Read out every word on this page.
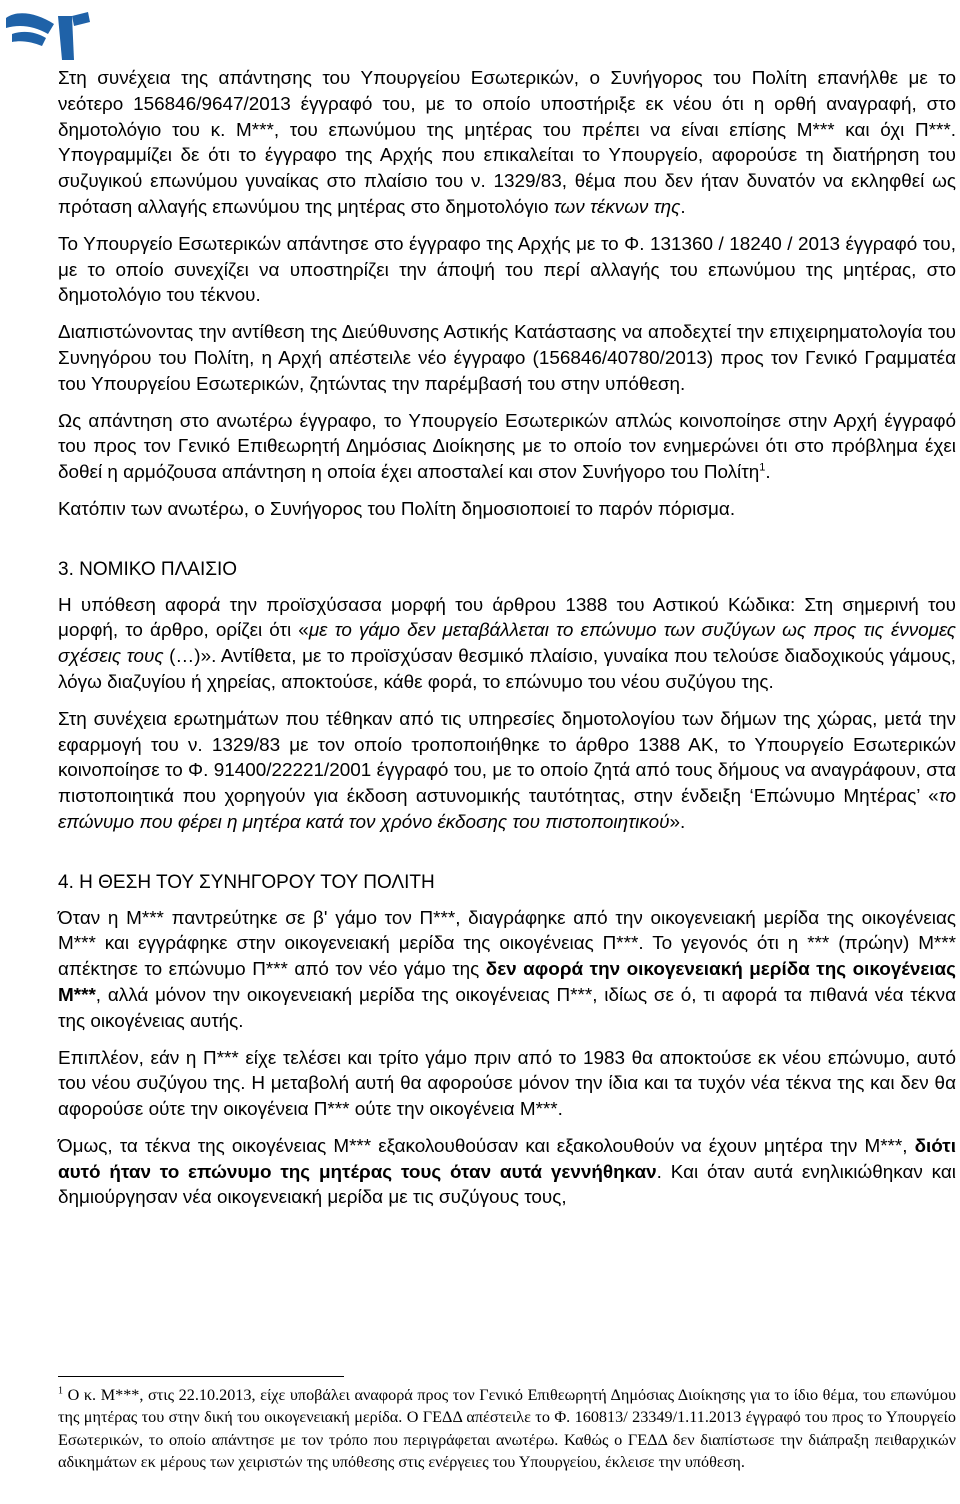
Στη συνέχεια της απάντησης του Υπουργείου Εσωτερικών, ο Συνήγορος του Πολίτη επανήλθε με το νεότερο 156846/9647/2013 έγγραφό του, με το οποίο υποστήριξε εκ νέου ότι η ορθή αναγραφή, στο δημοτολόγιο του κ. Μ***, του επωνύμου της μητέρας του πρέπει να είναι επίσης Μ*** και όχι Π***. Υπογραμμίζει δε ότι το έγγραφο της Αρχής που επικαλείται το Υπουργείο, αφορούσε τη διατήρηση του συζυγικού επωνύμου γυναίκας στο πλαίσιο του ν. 1329/83, θέμα που δεν ήταν δυνατόν να εκληφθεί ως πρόταση αλλαγής επωνύμου της μητέρας στο δημοτολόγιο των τέκνων της.

Το Υπουργείο Εσωτερικών απάντησε στο έγγραφο της Αρχής με το Φ. 131360 / 18240 / 2013 έγγραφό του, με το οποίο συνεχίζει να υποστηρίζει την άποψή του περί αλλαγής του επωνύμου της μητέρας, στο δημοτολόγιο του τέκνου.

Διαπιστώνοντας την αντίθεση της Διεύθυνσης Αστικής Κατάστασης να αποδεχτεί την επιχειρηματολογία του Συνηγόρου του Πολίτη, η Αρχή απέστειλε νέο έγγραφο (156846/40780/2013) προς τον Γενικό Γραμματέα του Υπουργείου Εσωτερικών, ζητώντας την παρέμβασή του στην υπόθεση.

Ως απάντηση στο ανωτέρω έγγραφο, το Υπουργείο Εσωτερικών απλώς κοινοποίησε στην Αρχή έγγραφό του προς τον Γενικό Επιθεωρητή Δημόσιας Διοίκησης με το οποίο τον ενημερώνει ότι στο πρόβλημα έχει δοθεί η αρμόζουσα απάντηση η οποία έχει αποσταλεί και στον Συνήγορο του Πολίτη$^1$.

Κατόπιν των ανωτέρω, ο Συνήγορος του Πολίτη δημοσιοποιεί το παρόν πόρισμα.

3. ΝΟΜΙΚΟ ΠΛΑΙΣΙΟ

Η υπόθεση αφορά την προϊσχύσασα μορφή του άρθρου 1388 του Αστικού Κώδικα: Στη σημερινή του μορφή, το άρθρο, ορίζει ότι «με το γάμο δεν μεταβάλλεται το επώνυμο των συζύγων ως προς τις έννομες σχέσεις τους (…)». Αντίθετα, με το προϊσχύσαν θεσμικό πλαίσιο, γυναίκα που τελούσε διαδοχικούς γάμους, λόγω διαζυγίου ή χηρείας, αποκτούσε, κάθε φορά, το επώνυμο του νέου συζύγου της.

Στη συνέχεια ερωτημάτων που τέθηκαν από τις υπηρεσίες δημοτολογίου των δήμων της χώρας, μετά την εφαρμογή του ν. 1329/83 με τον οποίο τροποποιήθηκε το άρθρο 1388 ΑΚ, το Υπουργείο Εσωτερικών κοινοποίησε το Φ. 91400/22221/2001 έγγραφό του, με το οποίο ζητά από τους δήμους να αναγράφουν, στα πιστοποιητικά που χορηγούν για έκδοση αστυνομικής ταυτότητας, στην ένδειξη ‘Επώνυμο Μητέρας’ «το επώνυμο που φέρει η μητέρα κατά τον χρόνο έκδοσης του πιστοποιητικού».

4. Η ΘΕΣΗ ΤΟΥ ΣΥΝΗΓΟΡΟΥ ΤΟΥ ΠΟΛΙΤΗ

Όταν η Μ*** παντρεύτηκε σε β' γάμο τον Π***, διαγράφηκε από την οικογενειακή μερίδα της οικογένειας Μ*** και εγγράφηκε στην οικογενειακή μερίδα της οικογένειας Π***. Το γεγονός ότι η *** (πρώην) Μ*** απέκτησε το επώνυμο Π*** από τον νέο γάμο της δεν αφορά την οικογενειακή μερίδα της οικογένειας Μ***, αλλά μόνον την οικογενειακή μερίδα της οικογένειας Π***, ιδίως σε ό, τι αφορά τα πιθανά νέα τέκνα της οικογένειας αυτής.

Επιπλέον, εάν η Π*** είχε τελέσει και τρίτο γάμο πριν από το 1983 θα αποκτούσε εκ νέου επώνυμο, αυτό του νέου συζύγου της. Η μεταβολή αυτή θα αφορούσε μόνον την ίδια και τα τυχόν νέα τέκνα της και δεν θα αφορούσε ούτε την οικογένεια Π*** ούτε την οικογένεια Μ***.

Όμως, τα τέκνα της οικογένειας Μ*** εξακολουθούσαν και εξακολουθούν να έχουν μητέρα την Μ***, διότι αυτό ήταν το επώνυμο της μητέρας τους όταν αυτά γεννήθηκαν. Και όταν αυτά ενηλικιώθηκαν και δημιούργησαν νέα οικογενειακή μερίδα με τις συζύγους τους,

$^1$ Ο κ. Μ***, στις 22.10.2013, είχε υποβάλει αναφορά προς τον Γενικό Επιθεωρητή Δημόσιας Διοίκησης για το ίδιο θέμα, του επωνύμου της μητέρας του στην δική του οικογενειακή μερίδα. Ο ΓΕΔΔ απέστειλε το Φ. 160813/ 23349/1.11.2013 έγγραφό του προς το Υπουργείο Εσωτερικών, το οποίο απάντησε με τον τρόπο που περιγράφεται ανωτέρω. Καθώς ο ΓΕΔΔ δεν διαπίστωσε την διάπραξη πειθαρχικών αδικημάτων εκ μέρους των χειριστών της υπόθεσης στις ενέργειες του Υπουργείου, έκλεισε την υπόθεση.
